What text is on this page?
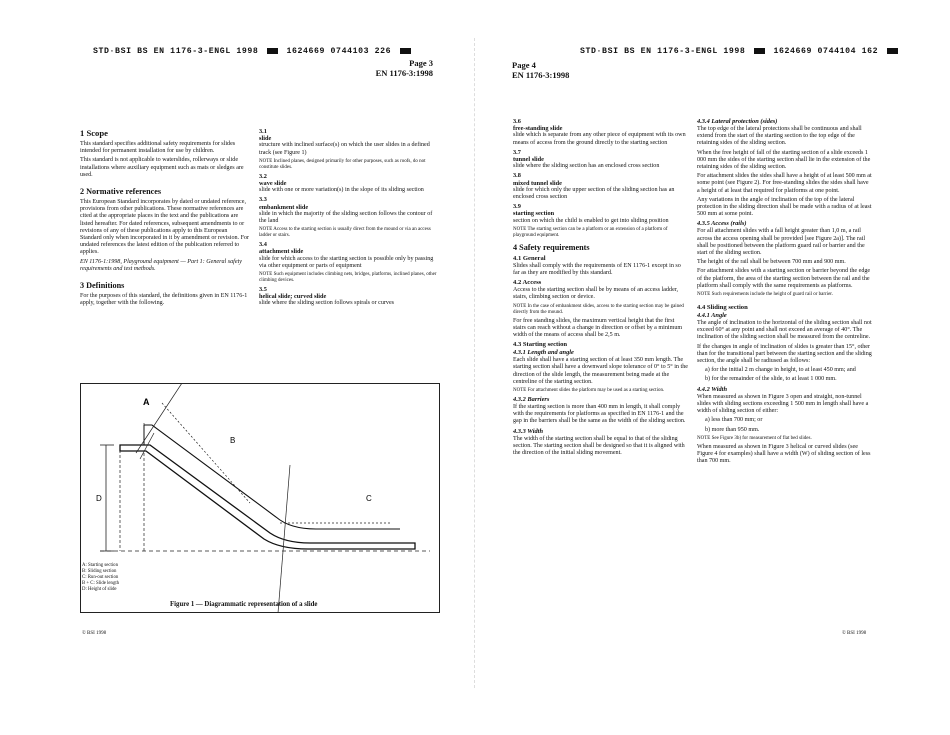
STD·BSI BS EN 1176-3-ENGL 1998	1624669 0744103 226
Page 3
EN 1176-3:1998
STD·BSI BS EN 1176-3-ENGL 1998	1624669 0744104 162
Page 4
EN 1176-3:1998
1 Scope

This standard specifies additional safety requirements for slides intended for permanent installation for use by children.

This standard is not applicable to waterslides, rollerways or slide installations where auxiliary equipment such as mats or sledges are used.

2 Normative references

This European Standard incorporates by dated or undated reference, provisions from other publications. These normative references are cited at the appropriate places in the text and the publications are listed hereafter. For dated references, subsequent amendments to or revisions of any of these publications apply to this European Standard only when incorporated in it by amendment or revision. For undated references the latest edition of the publication referred to applies.

EN 1176-1:1998, Playground equipment — Part 1: General safety requirements and test methods.

3 Definitions

For the purposes of this standard, the definitions given in EN 1176-1 apply, together with the following.

3.1
slide

structure with inclined surface(s) on which the user slides in a defined track (see Figure 1)

NOTE Inclined planes, designed primarily for other purposes, such as roofs, do not constitute slides.

3.2
wave slide

slide with one or more variation(s) in the slope of its sliding section

3.3
embankment slide

slide in which the majority of the sliding section follows the contour of the land

NOTE Access to the starting section is usually direct from the mound or via an access ladder or stairs.

3.4
attachment slide

slide for which access to the starting section is possible only by passing via other equipment or parts of equipment

NOTE Such equipment includes climbing nets, bridges, platforms, inclined planes, other climbing devices.

3.5
helical slide; curved slide

slide where the sliding section follows spirals or curves

A
B
C
D
A: Starting section
B: Sliding section
C: Run-out section
B + C: Slide length
D: Height of slide
Figure 1 — Diagrammatic representation of a slide
© BSI 1998
3.6
free-standing slide

slide which is separate from any other piece of equipment with its own means of access from the ground directly to the starting section

3.7
tunnel slide

slide where the sliding section has an enclosed cross section

3.8
mixed tunnel slide

slide for which only the upper section of the sliding section has an enclosed cross section

3.9
starting section

section on which the child is enabled to get into sliding position

NOTE The starting section can be a platform or an extension of a platform of playground equipment.

4 Safety requirements
4.1 General

Slides shall comply with the requirements of EN 1176-1 except in so far as they are modified by this standard.

4.2 Access

Access to the starting section shall be by means of an access ladder, stairs, climbing section or device.

NOTE In the case of embankment slides, access to the starting section may be gained directly from the mound.

For free standing slides, the maximum vertical height that the first stairs can reach without a change in direction or offset by a minimum width of the means of access shall be 2,5 m.

4.3 Starting section
4.3.1 Length and angle

Each slide shall have a starting section of at least 350 mm length. The starting section shall have a downward slope tolerance of 0° to 5° in the direction of the slide length, the measurement being made at the centreline of the starting section.

NOTE For attachment slides the platform may be used as a starting section.

4.3.2 Barriers

If the starting section is more than 400 mm in length, it shall comply with the requirements for platforms as specified in EN 1176-1 and the gap in the barriers shall be the same as the width of the sliding section.

4.3.3 Width

The width of the starting section shall be equal to that of the sliding section. The starting section shall be designed so that it is aligned with the direction of the initial sliding movement.

4.3.4 Lateral protection (sides)

The top edge of the lateral protections shall be continuous and shall extend from the start of the starting section to the top edge of the retaining sides of the sliding section.

When the free height of fall of the starting section of a slide exceeds 1 000 mm the sides of the starting section shall lie in the extension of the retaining sides of the sliding section.

For attachment slides the sides shall have a height of at least 500 mm at some point (see Figure 2). For free-standing slides the sides shall have a height of at least that required for platforms at one point.

Any variations in the angle of inclination of the top of the lateral protection in the sliding direction shall be made with a radius of at least 500 mm at some point.

4.3.5 Access (rails)

For all attachment slides with a fall height greater than 1,0 m, a rail across the access opening shall be provided [see Figure 2a)]. The rail shall be positioned between the platform guard rail or barrier and the start of the sliding section.

The height of the rail shall be between 700 mm and 900 mm.

For attachment slides with a starting section or barrier beyond the edge of the platform, the area of the starting section between the rail and the platform shall comply with the same requirements as platforms.

NOTE Such requirements include the height of guard rail or barrier.

4.4 Sliding section
4.4.1 Angle

The angle of inclination to the horizontal of the sliding section shall not exceed 60° at any point and shall not exceed an average of 40°. The inclination of the sliding section shall be measured from the centreline.

If the changes in angle of inclination of slides is greater than 15°, other than for the transitional part between the starting section and the sliding section, the angle shall be radiused as follows:

a) for the initial 2 m change in height, to at least 450 mm; and

b) for the remainder of the slide, to at least 1 000 mm.

4.4.2 Width

When measured as shown in Figure 3 open and straight, non-tunnel slides with sliding sections exceeding 1 500 mm in length shall have a width of sliding section of either:

a) less than 700 mm; or

b) more than 950 mm.

NOTE See Figure 3b) for measurement of flat bed slides.

When measured as shown in Figure 3 helical or curved slides (see Figure 4 for examples) shall have a width (W) of sliding section of less than 700 mm.

© BSI 1998
